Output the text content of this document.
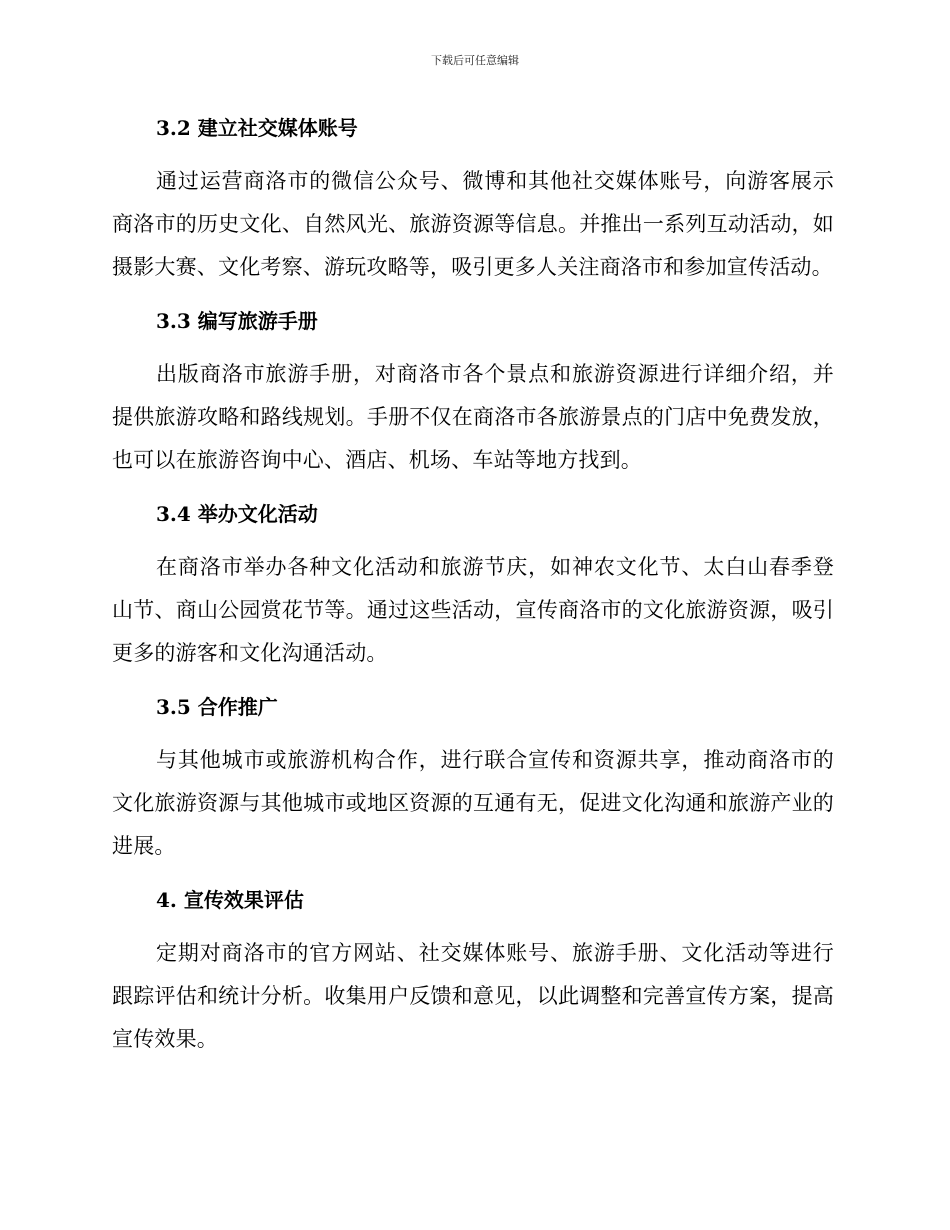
下载后可任意编辑
3.2 建立社交媒体账号

通过运营商洛市的微信公众号、微博和其他社交媒体账号，向游客展示商洛市的历史文化、自然风光、旅游资源等信息。并推出一系列互动活动，如摄影大赛、文化考察、游玩攻略等，吸引更多人关注商洛市和参加宣传活动。

3.3 编写旅游手册

出版商洛市旅游手册，对商洛市各个景点和旅游资源进行详细介绍，并提供旅游攻略和路线规划。手册不仅在商洛市各旅游景点的门店中免费发放，也可以在旅游咨询中心、酒店、机场、车站等地方找到。

3.4 举办文化活动

在商洛市举办各种文化活动和旅游节庆，如神农文化节、太白山春季登山节、商山公园赏花节等。通过这些活动，宣传商洛市的文化旅游资源，吸引更多的游客和文化沟通活动。

3.5 合作推广

与其他城市或旅游机构合作，进行联合宣传和资源共享，推动商洛市的文化旅游资源与其他城市或地区资源的互通有无，促进文化沟通和旅游产业的进展。

4. 宣传效果评估

定期对商洛市的官方网站、社交媒体账号、旅游手册、文化活动等进行跟踪评估和统计分析。收集用户反馈和意见，以此调整和完善宣传方案，提高宣传效果。
